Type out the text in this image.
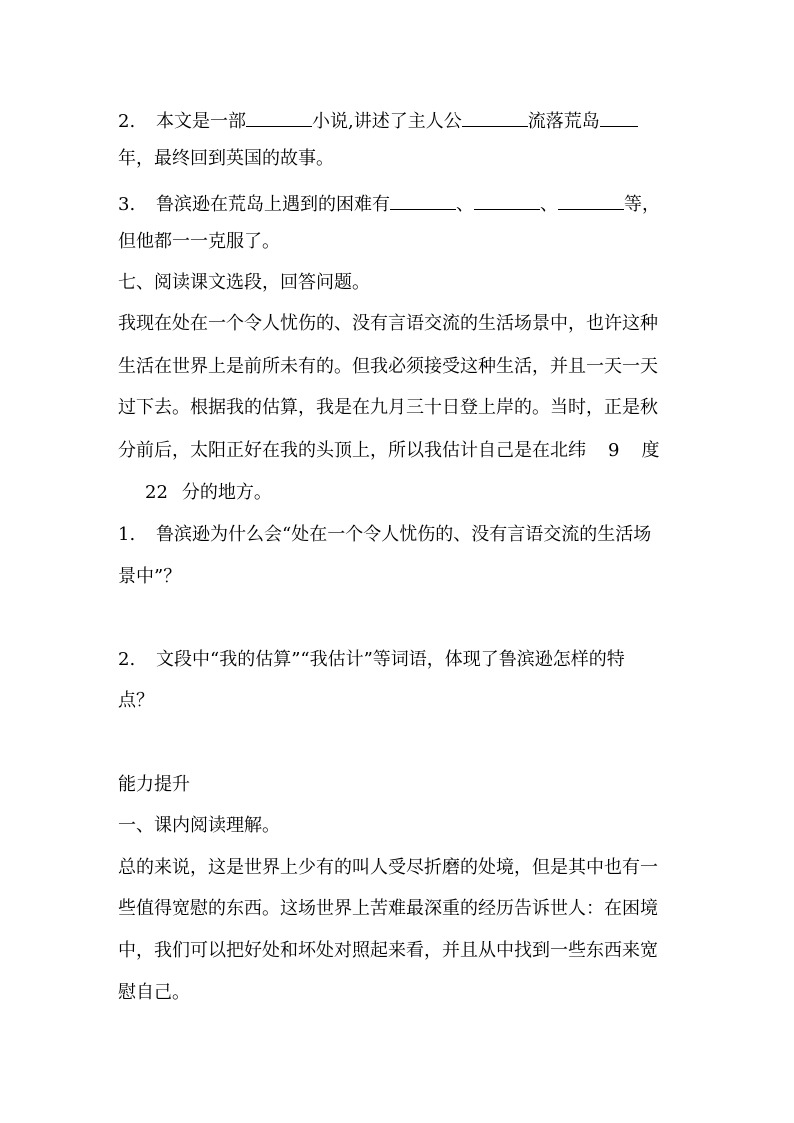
2. 本文是一部	小说,讲述了主人公	流落荒岛
年，最终回到英国的故事。
3. 鲁滨逊在荒岛上遇到的困难有	、	、	等，
但他都一一克服了。
七、阅读课文选段，回答问题。
我现在处在一个令人忧伤的、没有言语交流的生活场景中，也许这种
生活在世界上是前所未有的。但我必须接受这种生活，并且一天一天
过下去。根据我的估算，我是在九月三十日登上岸的。当时，正是秋
分前后，太阳正好在我的头顶上，所以我估计自己是在北纬 9 度
22 分的地方。
1. 鲁滨逊为什么会“处在一个令人忧伤的、没有言语交流的生活场
景中”？
2. 文段中“我的估算”“我估计”等词语，体现了鲁滨逊怎样的特
点？
能力提升
一、课内阅读理解。
总的来说，这是世界上少有的叫人受尽折磨的处境，但是其中也有一
些值得宽慰的东西。这场世界上苦难最深重的经历告诉世人：在困境
中，我们可以把好处和坏处对照起来看，并且从中找到一些东西来宽
慰自己。
